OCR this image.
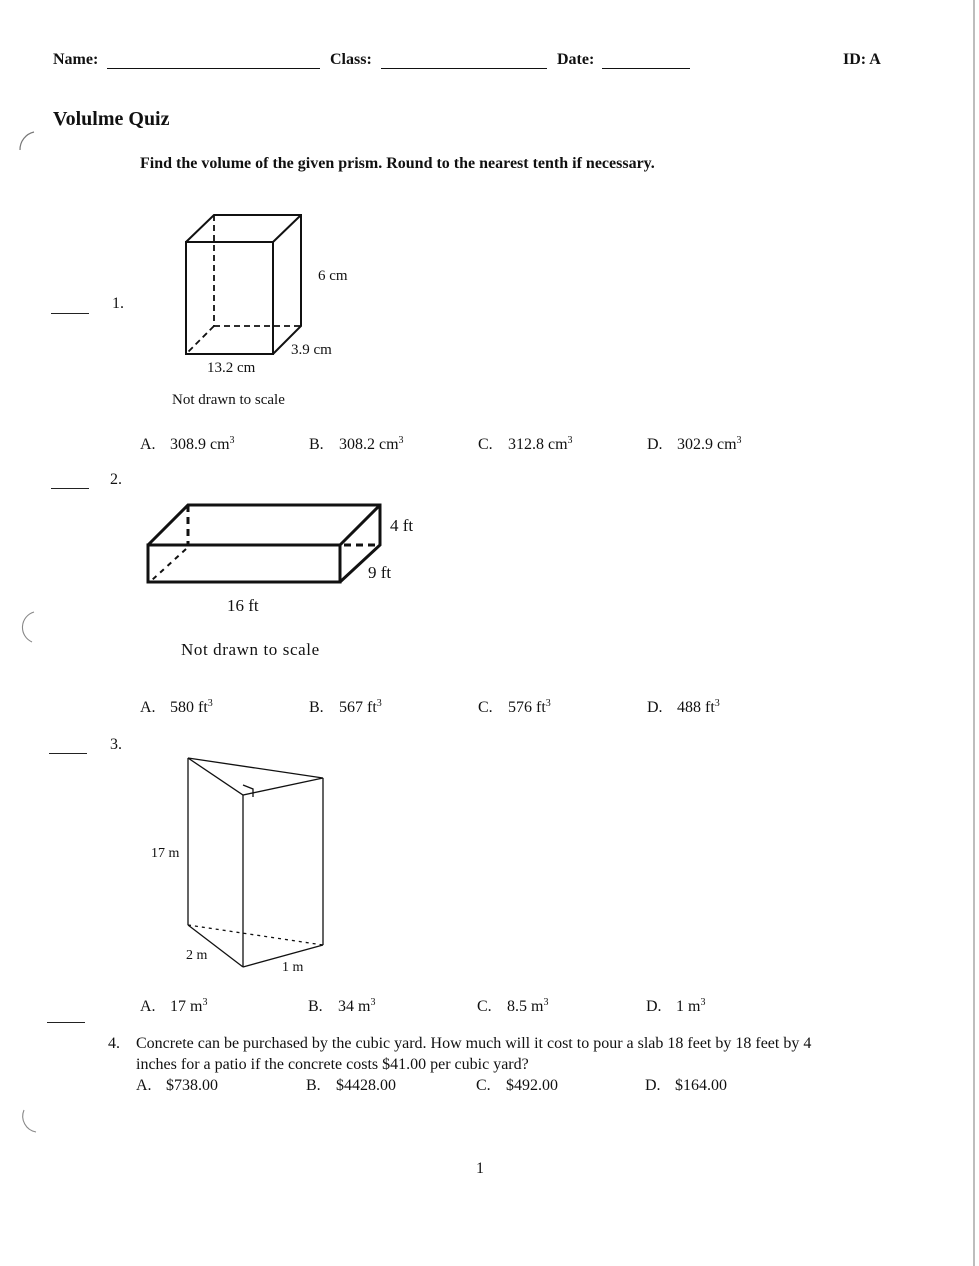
Name:	Class:	Date:	ID: A
Volulme Quiz
Find the volume of the given prism. Round to the nearest tenth if necessary.
1.
6 cm
3.9 cm
13.2 cm
Not drawn to scale
A. 308.9 $cm^3$	B. 308.2 $cm^3$	C. 312.8 $cm^3$	D. 302.9 $cm^3$
2.
4 ft
9 ft
16 ft
Not drawn to scale
A. 580 $ft^3$	B. 567 $ft^3$	C. 576 $ft^3$	D. 488 $ft^3$
3.
17 m
2 m
1 m
A. 17 $m^3$	B. 34 $m^3$	C. 8.5 $m^3$	D. 1 $m^3$
4. Concrete can be purchased by the cubic yard. How much will it cost to pour a slab 18 feet by 18 feet by 4
inches for a patio if the concrete costs $41.00 per cubic yard?
A. $738.00	B. $4428.00	C. $492.00	D. $164.00
1
